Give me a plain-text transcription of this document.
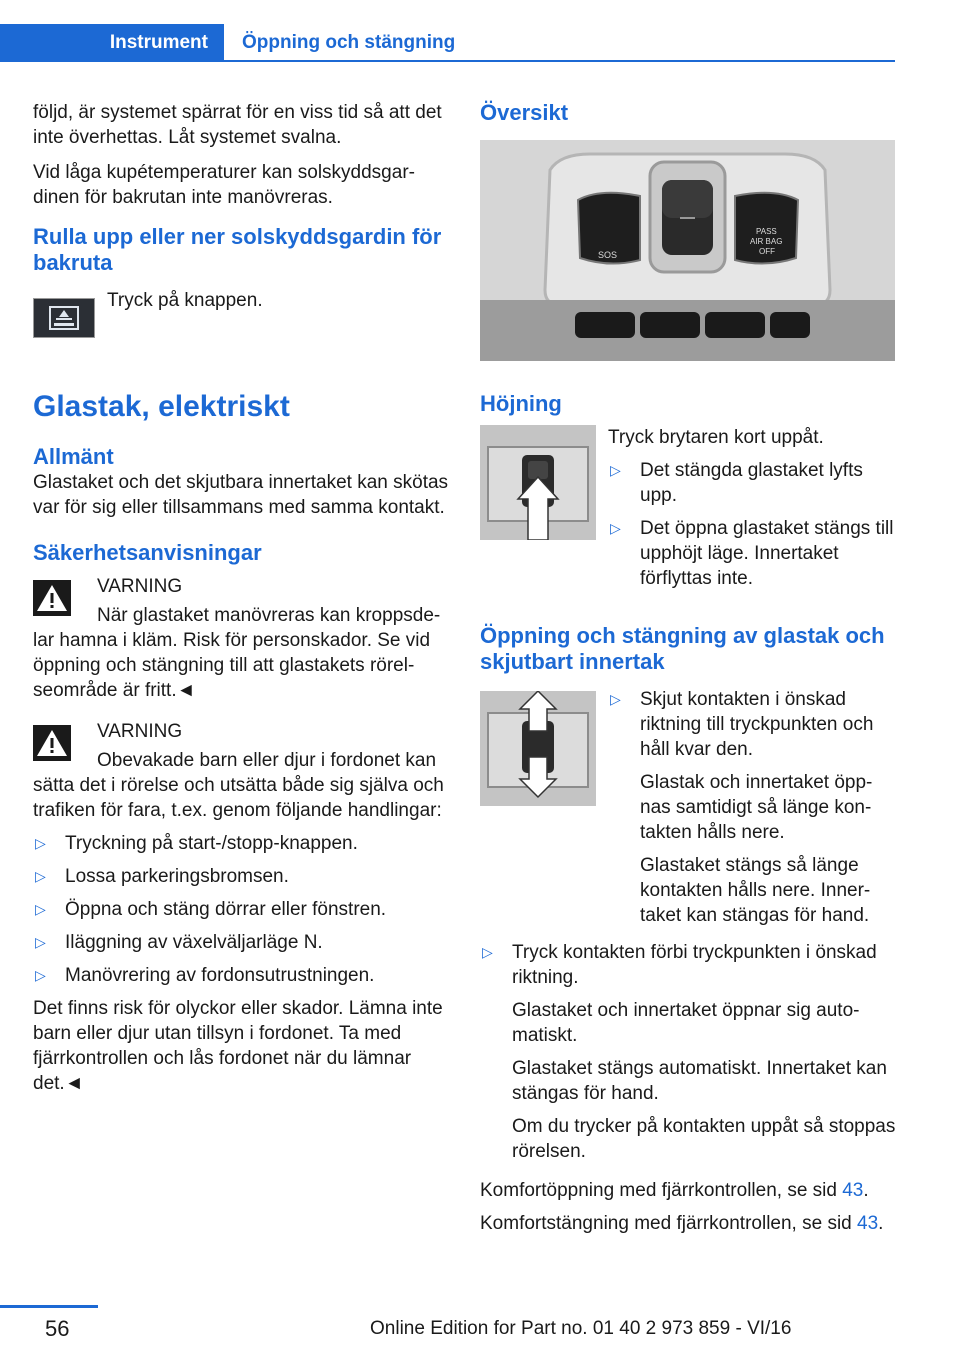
Instrument	Öppning och stängning

följd, är systemet spärrat för en viss tid så att det inte överhettas. Låt systemet svalna.

Vid låga kupétemperaturer kan solskyddsgardinen för bakrutan inte manövreras.

Rulla upp eller ner solskyddsgardin för bakruta

Tryck på knappen.

Glastak, elektriskt
Allmänt

Glastaket och det skjutbara innertaket kan skötas var för sig eller tillsammans med samma kontakt.

Säkerhetsanvisningar

VARNING

När glastaket manövreras kan kroppsdelar hamna i kläm. Risk för personskador. Se vid öppning och stängning till att glastakets rörelseområde är fritt.◄

VARNING

Obevakade barn eller djur i fordonet kan sätta det i rörelse och utsätta både sig själva och trafiken för fara, t.ex. genom följande handlingar:

▷ Tryckning på start-/stopp-knappen.
▷ Lossa parkeringsbromsen.
▷ Öppna och stäng dörrar eller fönstren.
▷ Iläggning av växelväljarläge N.
▷ Manövrering av fordonsutrustningen.

Det finns risk för olyckor eller skador. Lämna inte barn eller djur utan tillsyn i fordonet. Ta med fjärrkontrollen och lås fordonet när du lämnar det.◄

Översikt
SOS
PASS
AIR BAG
OFF
Höjning

Tryck brytaren kort uppåt.

▷ Det stängda glastaket lyfts upp.
▷ Det öppna glastaket stängs till upphöjt läge. Innertaket förflyttas inte.
Öppning och stängning av glastak och skjutbart innertak
▷ Skjut kontakten i önskad riktning till tryckpunkten och håll kvar den.

Glastak och innertaket öppnas samtidigt så länge kontakten hålls nere.

Glastaket stängs så länge kontakten hålls nere. Innertaket kan stängas för hand.

▷ Tryck kontakten förbi tryckpunkten i önskad riktning.

Glastaket och innertaket öppnar sig automatiskt.

Glastaket stängs automatiskt. Innertaket kan stängas för hand.

Om du trycker på kontakten uppåt så stoppas rörelsen.

Komfortöppning med fjärrkontrollen, se sid 43.

Komfortstängning med fjärrkontrollen, se sid 43.

56	Online Edition for Part no. 01 40 2 973 859 - VI/16
